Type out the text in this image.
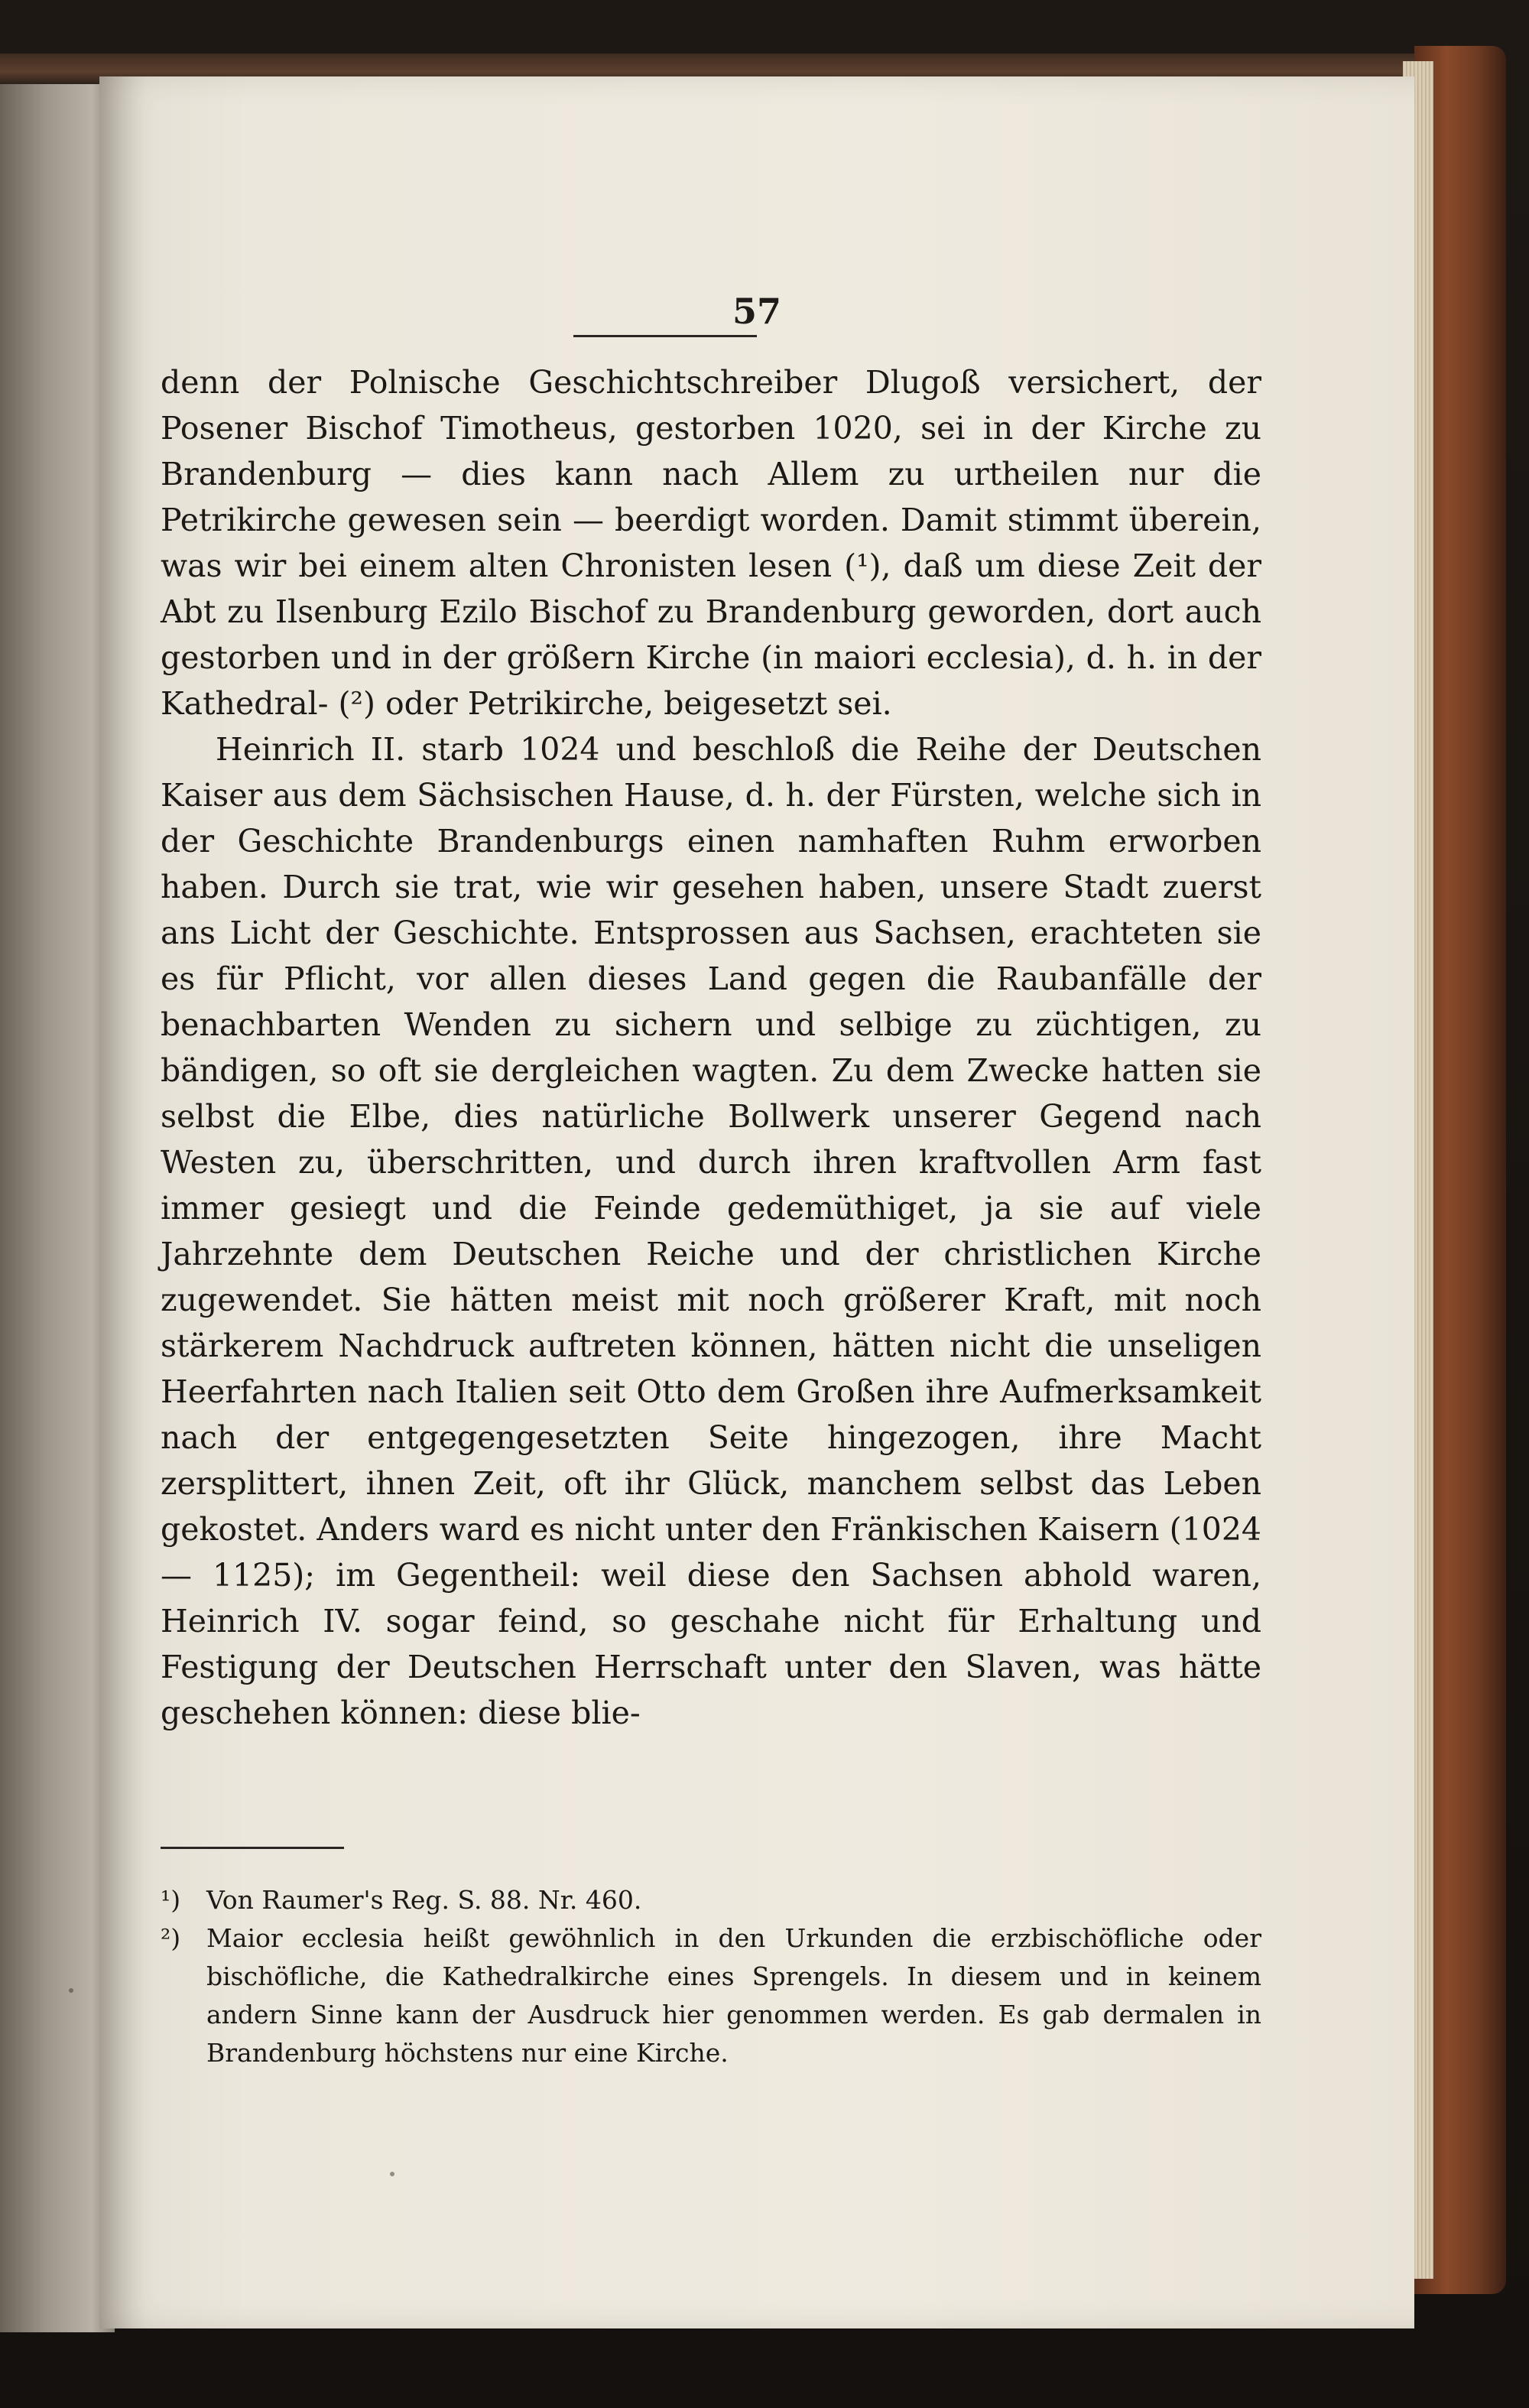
57

denn der Polnische Geschichtschreiber Dlugoß versichert, der Posener Bischof Timotheus, gestorben 1020, sei in der Kirche zu Brandenburg — dies kann nach Allem zu urtheilen nur die Petrikirche gewesen sein — beerdigt worden. Damit stimmt überein, was wir bei einem alten Chronisten lesen (¹), daß um diese Zeit der Abt zu Ilsenburg Ezilo Bischof zu Brandenburg geworden, dort auch gestorben und in der größern Kirche (in maiori ecclesia), d. h. in der Kathedral- (²) oder Petrikirche, beigesetzt sei.

Heinrich II. starb 1024 und beschloß die Reihe der Deutschen Kaiser aus dem Sächsischen Hause, d. h. der Fürsten, welche sich in der Geschichte Brandenburgs einen namhaften Ruhm erworben haben. Durch sie trat, wie wir gesehen haben, unsere Stadt zuerst ans Licht der Geschichte. Entsprossen aus Sachsen, erachteten sie es für Pflicht, vor allen dieses Land gegen die Raubanfälle der benachbarten Wenden zu sichern und selbige zu züchtigen, zu bändigen, so oft sie dergleichen wagten. Zu dem Zwecke hatten sie selbst die Elbe, dies natürliche Bollwerk unserer Gegend nach Westen zu, überschritten, und durch ihren kraftvollen Arm fast immer gesiegt und die Feinde gedemüthiget, ja sie auf viele Jahrzehnte dem Deutschen Reiche und der christlichen Kirche zugewendet. Sie hätten meist mit noch größerer Kraft, mit noch stärkerem Nachdruck auftreten können, hätten nicht die unseligen Heerfahrten nach Italien seit Otto dem Großen ihre Aufmerksamkeit nach der entgegengesetzten Seite hingezogen, ihre Macht zersplittert, ihnen Zeit, oft ihr Glück, manchem selbst das Leben gekostet. Anders ward es nicht unter den Fränkischen Kaisern (1024 — 1125); im Gegentheil: weil diese den Sachsen abhold waren, Heinrich IV. sogar feind, so geschahe nicht für Erhaltung und Festigung der Deutschen Herrschaft unter den Slaven, was hätte geschehen können: diese blie-

¹)	Von Raumer's Reg. S. 88. Nr. 460.
²)	Maior ecclesia heißt gewöhnlich in den Urkunden die erzbischöfliche oder bischöfliche, die Kathedralkirche eines Sprengels. In diesem und in keinem andern Sinne kann der Ausdruck hier genommen werden. Es gab dermalen in Brandenburg höchstens nur eine Kirche.
